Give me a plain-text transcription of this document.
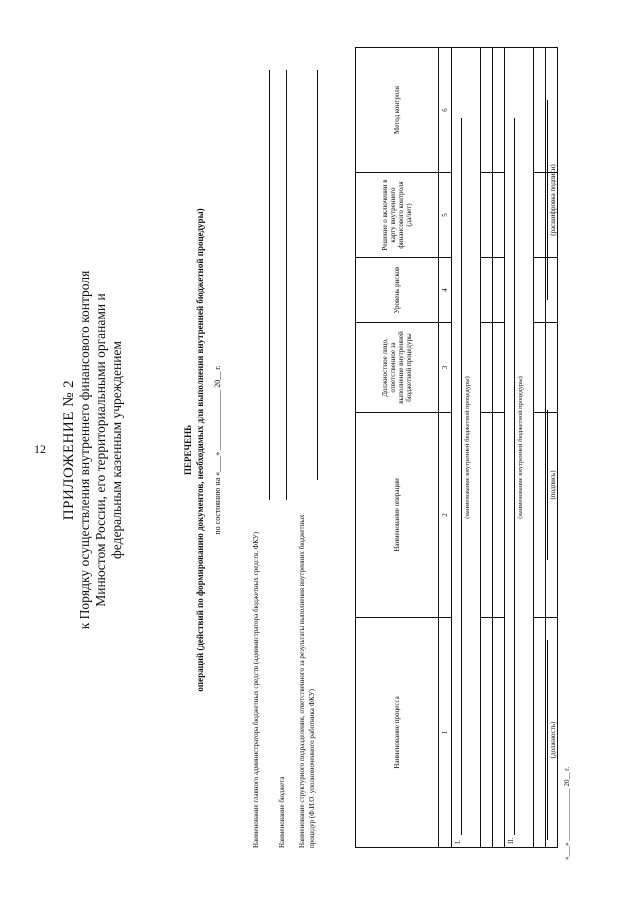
12 ПРИЛОЖЕНИЕ № 2 к Порядку осуществления внутреннего финансового контроля Минюстом России, его территориальными органами и федеральным казенным учреждением	ПЕРЕЧЕНЬ операций (действий по формированию документов, необходимых для выполнения внутренней бюджетной процедуры) по состоянию на «____» _______________ 20__ г.
Наименование главного администратора бюджетных средств (администратора бюджетных средств, ФКУ)	Наименование бюджета Наименование структурного подразделения, ответственного за результаты выполнения внутренних бюджетных процедур (Ф.И.О. уполномоченного работника ФКУ)	Наименование процесса	Наименование операции	Должностное лицо, ответственное за выполнение внутренней бюджетной процедуры	Уровень рисков	Решение о включении в карту внутреннего финансового контроля (да/нет)	Метод контроля
1	2	3	4	5	6

I.
(наименование внутренней бюджетной процедуры)					

II.
(наименование внутренней бюджетной процедуры)					

(должность)
(подпись)
(расшифровка подписи)
«___» _______________ 20__ г.
